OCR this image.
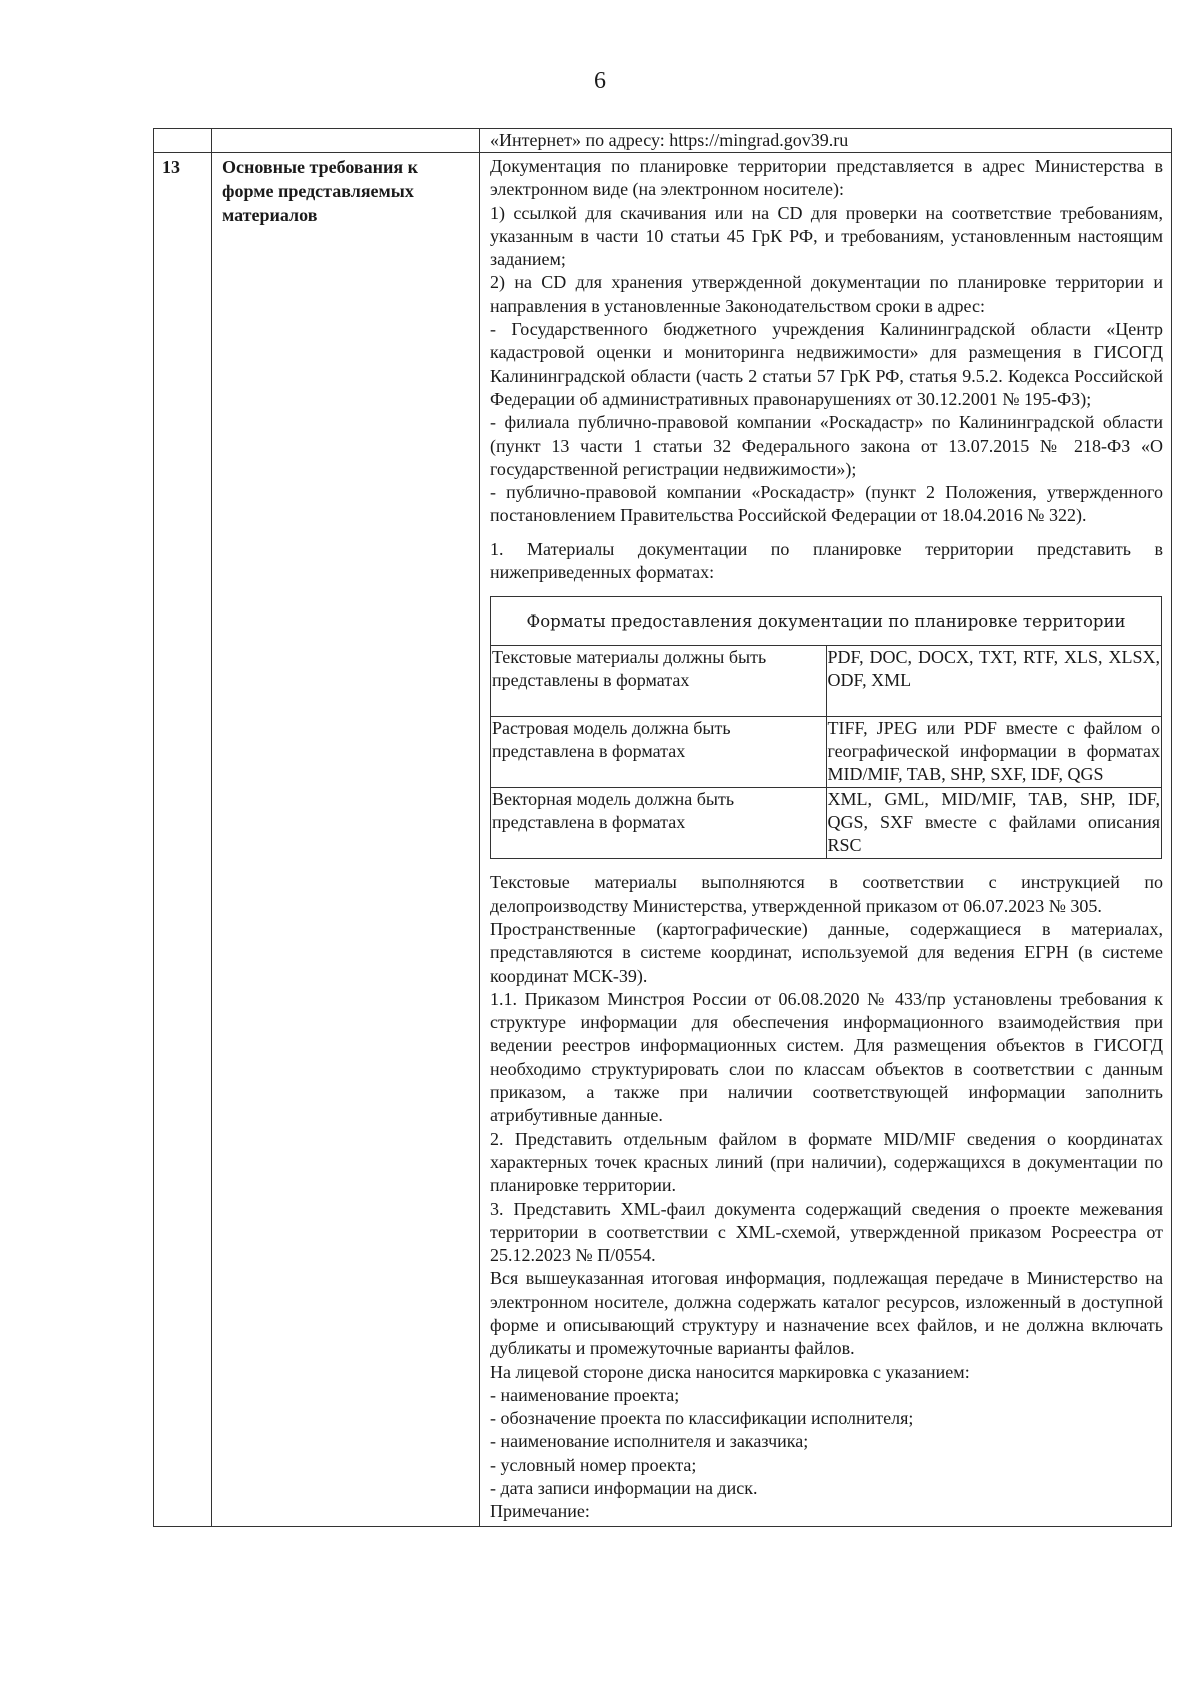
6
		«Интернет» по адресу: https://mingrad.gov39.ru
13	Основные требования к форме представляемых материалов	

Документация по планировке территории представляется в адрес Министерства в электронном виде (на электронном носителе):

1) ссылкой для скачивания или на CD для проверки на соответствие требованиям, указанным в части 10 статьи 45 ГрК РФ, и требованиям, установленным настоящим заданием;

2) на CD для хранения утвержденной документации по планировке территории и направления в установленные Законодательством сроки в адрес:

- Государственного бюджетного учреждения Калининградской области «Центр кадастровой оценки и мониторинга недвижимости» для размещения в ГИСОГД Калининградской области (часть 2 статьи 57 ГрК РФ, статья 9.5.2. Кодекса Российской Федерации об административных правонарушениях от 30.12.2001 № 195-ФЗ);

- филиала публично-правовой компании «Роскадастр» по Калининградской области (пункт 13 части 1 статьи 32 Федерального закона от 13.07.2015 № 218-ФЗ «О государственной регистрации недвижимости»);

- публично-правовой компании «Роскадастр» (пункт 2 Положения, утвержденного постановлением Правительства Российской Федерации от 18.04.2016 № 322).

1. Материалы документации по планировке территории представить в нижеприведенных форматах:

Форматы предоставления документации по планировке территории
Текстовые материалы должны быть представлены в форматах	PDF, DOC, DOCX, TXT, RTF, XLS, XLSX, ODF, XML
Растровая модель должна быть представлена в форматах	TIFF, JPEG или PDF вместе с файлом о географической информации в форматах MID/MIF, TAB, SHP, SXF, IDF, QGS
Векторная модель должна быть представлена в форматах	XML, GML, MID/MIF, TAB, SHP, IDF, QGS, SXF вместе с файлами описания RSC

Текстовые материалы выполняются в соответствии с инструкцией по делопроизводству Министерства, утвержденной приказом от 06.07.2023 № 305.

Пространственные (картографические) данные, содержащиеся в материалах, представляются в системе координат, используемой для ведения ЕГРН (в системе координат МСК-39).

1.1. Приказом Минстроя России от 06.08.2020 № 433/пр установлены требования к структуре информации для обеспечения информационного взаимодействия при ведении реестров информационных систем. Для размещения объектов в ГИСОГД необходимо структурировать слои по классам объектов в соответствии с данным приказом, а также при наличии соответствующей информации заполнить атрибутивные данные.

2. Представить отдельным файлом в формате MID/MIF сведения о координатах характерных точек красных линий (при наличии), содержащихся в документации по планировке территории.

3. Представить XML-фаил документа содержащий сведения о проекте межевания территории в соответствии с XML-схемой, утвержденной приказом Росреестра от 25.12.2023 № П/0554.

Вся вышеуказанная итоговая информация, подлежащая передаче в Министерство на электронном носителе, должна содержать каталог ресурсов, изложенный в доступной форме и описывающий структуру и назначение всех файлов, и не должна включать дубликаты и промежуточные варианты файлов.

На лицевой стороне диска наносится маркировка с указанием:

- наименование проекта;

- обозначение проекта по классификации исполнителя;

- наименование исполнителя и заказчика;

- условный номер проекта;

- дата записи информации на диск.

Примечание:
